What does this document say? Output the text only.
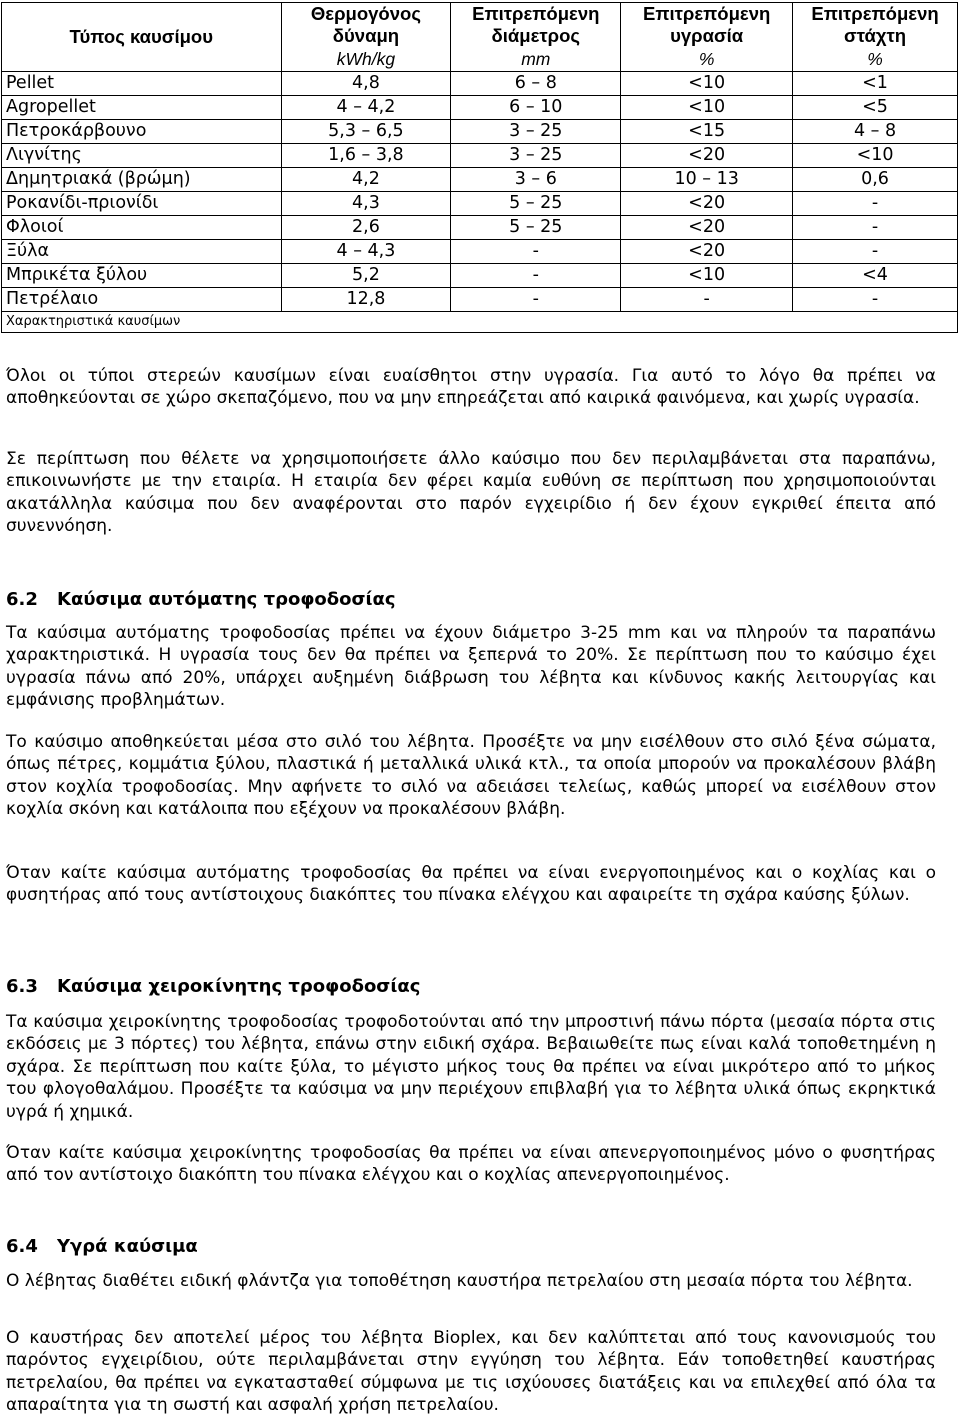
Τύπος καυσίμου	Θερμογόνος δύναμη	Επιτρεπόμενη διάμετρος	Επιτρεπόμενη υγρασία	Επιτρεπόμενη στάχτη
	kWh/kg	mm	%	%
Pellet	4,8	6 – 8	<10	<1
Agropellet	4 – 4,2	6 – 10	<10	<5
Πετροκάρβουνο	5,3 – 6,5	3 – 25	<15	4 – 8
Λιγνίτης	1,6 – 3,8	3 – 25	<20	<10
Δημητριακά (βρώμη)	4,2	3 – 6	10 – 13	0,6
Ροκανίδι-πριονίδι	4,3	5 – 25	<20	-
Φλοιοί	2,6	5 – 25	<20	-
Ξύλα	4 – 4,3	-	<20	-
Μπρικέτα ξύλου	5,2	-	<10	<4
Πετρέλαιο	12,8	-	-	-
Χαρακτηριστικά καυσίμων				

Όλοι οι τύποι στερεών καυσίμων είναι ευαίσθητοι στην υγρασία. Για αυτό το λόγο θα πρέπει να αποθηκεύονται σε χώρο σκεπαζόμενο, που να μην επηρεάζεται από καιρικά φαινόμενα, και χωρίς υγρασία.

Σε περίπτωση που θέλετε να χρησιμοποιήσετε άλλο καύσιμο που δεν περιλαμβάνεται στα παραπάνω, επικοινωνήστε με την εταιρία. Η εταιρία δεν φέρει καμία ευθύνη σε περίπτωση που χρησιμοποιούνται ακατάλληλα καύσιμα που δεν αναφέρονται στο παρόν εγχειρίδιο ή δεν έχουν εγκριθεί έπειτα από συνεννόηση.

6.2 Καύσιμα αυτόματης τροφοδοσίας

Τα καύσιμα αυτόματης τροφοδοσίας πρέπει να έχουν διάμετρο 3-25 mm και να πληρούν τα παραπάνω χαρακτηριστικά. Η υγρασία τους δεν θα πρέπει να ξεπερνά το 20%. Σε περίπτωση που το καύσιμο έχει υγρασία πάνω από 20%, υπάρχει αυξημένη διάβρωση του λέβητα και κίνδυνος κακής λειτουργίας και εμφάνισης προβλημάτων.

Το καύσιμο αποθηκεύεται μέσα στο σιλό του λέβητα. Προσέξτε να μην εισέλθουν στο σιλό ξένα σώματα, όπως πέτρες, κομμάτια ξύλου, πλαστικά ή μεταλλικά υλικά κτλ., τα οποία μπορούν να προκαλέσουν βλάβη στον κοχλία τροφοδοσίας. Μην αφήνετε το σιλό να αδειάσει τελείως, καθώς μπορεί να εισέλθουν στον κοχλία σκόνη και κατάλοιπα που εξέχουν να προκαλέσουν βλάβη.

Όταν καίτε καύσιμα αυτόματης τροφοδοσίας θα πρέπει να είναι ενεργοποιημένος και ο κοχλίας και ο φυσητήρας από τους αντίστοιχους διακόπτες του πίνακα ελέγχου και αφαιρείτε τη σχάρα καύσης ξύλων.

6.3 Καύσιμα χειροκίνητης τροφοδοσίας

Τα καύσιμα χειροκίνητης τροφοδοσίας τροφοδοτούνται από την μπροστινή πάνω πόρτα (μεσαία πόρτα στις εκδόσεις με 3 πόρτες) του λέβητα, επάνω στην ειδική σχάρα. Βεβαιωθείτε πως είναι καλά τοποθετημένη η σχάρα. Σε περίπτωση που καίτε ξύλα, το μέγιστο μήκος τους θα πρέπει να είναι μικρότερο από το μήκος του φλογοθαλάμου. Προσέξτε τα καύσιμα να μην περιέχουν επιβλαβή για το λέβητα υλικά όπως εκρηκτικά υγρά ή χημικά.

Όταν καίτε καύσιμα χειροκίνητης τροφοδοσίας θα πρέπει να είναι απενεργοποιημένος μόνο ο φυσητήρας από τον αντίστοιχο διακόπτη του πίνακα ελέγχου και ο κοχλίας απενεργοποιημένος.

6.4 Υγρά καύσιμα

Ο λέβητας διαθέτει ειδική φλάντζα για τοποθέτηση καυστήρα πετρελαίου στη μεσαία πόρτα του λέβητα.

Ο καυστήρας δεν αποτελεί μέρος του λέβητα Bioplex, και δεν καλύπτεται από τους κανονισμούς του παρόντος εγχειρίδιου, ούτε περιλαμβάνεται στην εγγύηση του λέβητα. Εάν τοποθετηθεί καυστήρας πετρελαίου, θα πρέπει να εγκατασταθεί σύμφωνα με τις ισχύουσες διατάξεις και να επιλεχθεί από όλα τα απαραίτητα για τη σωστή και ασφαλή χρήση πετρελαίου.
